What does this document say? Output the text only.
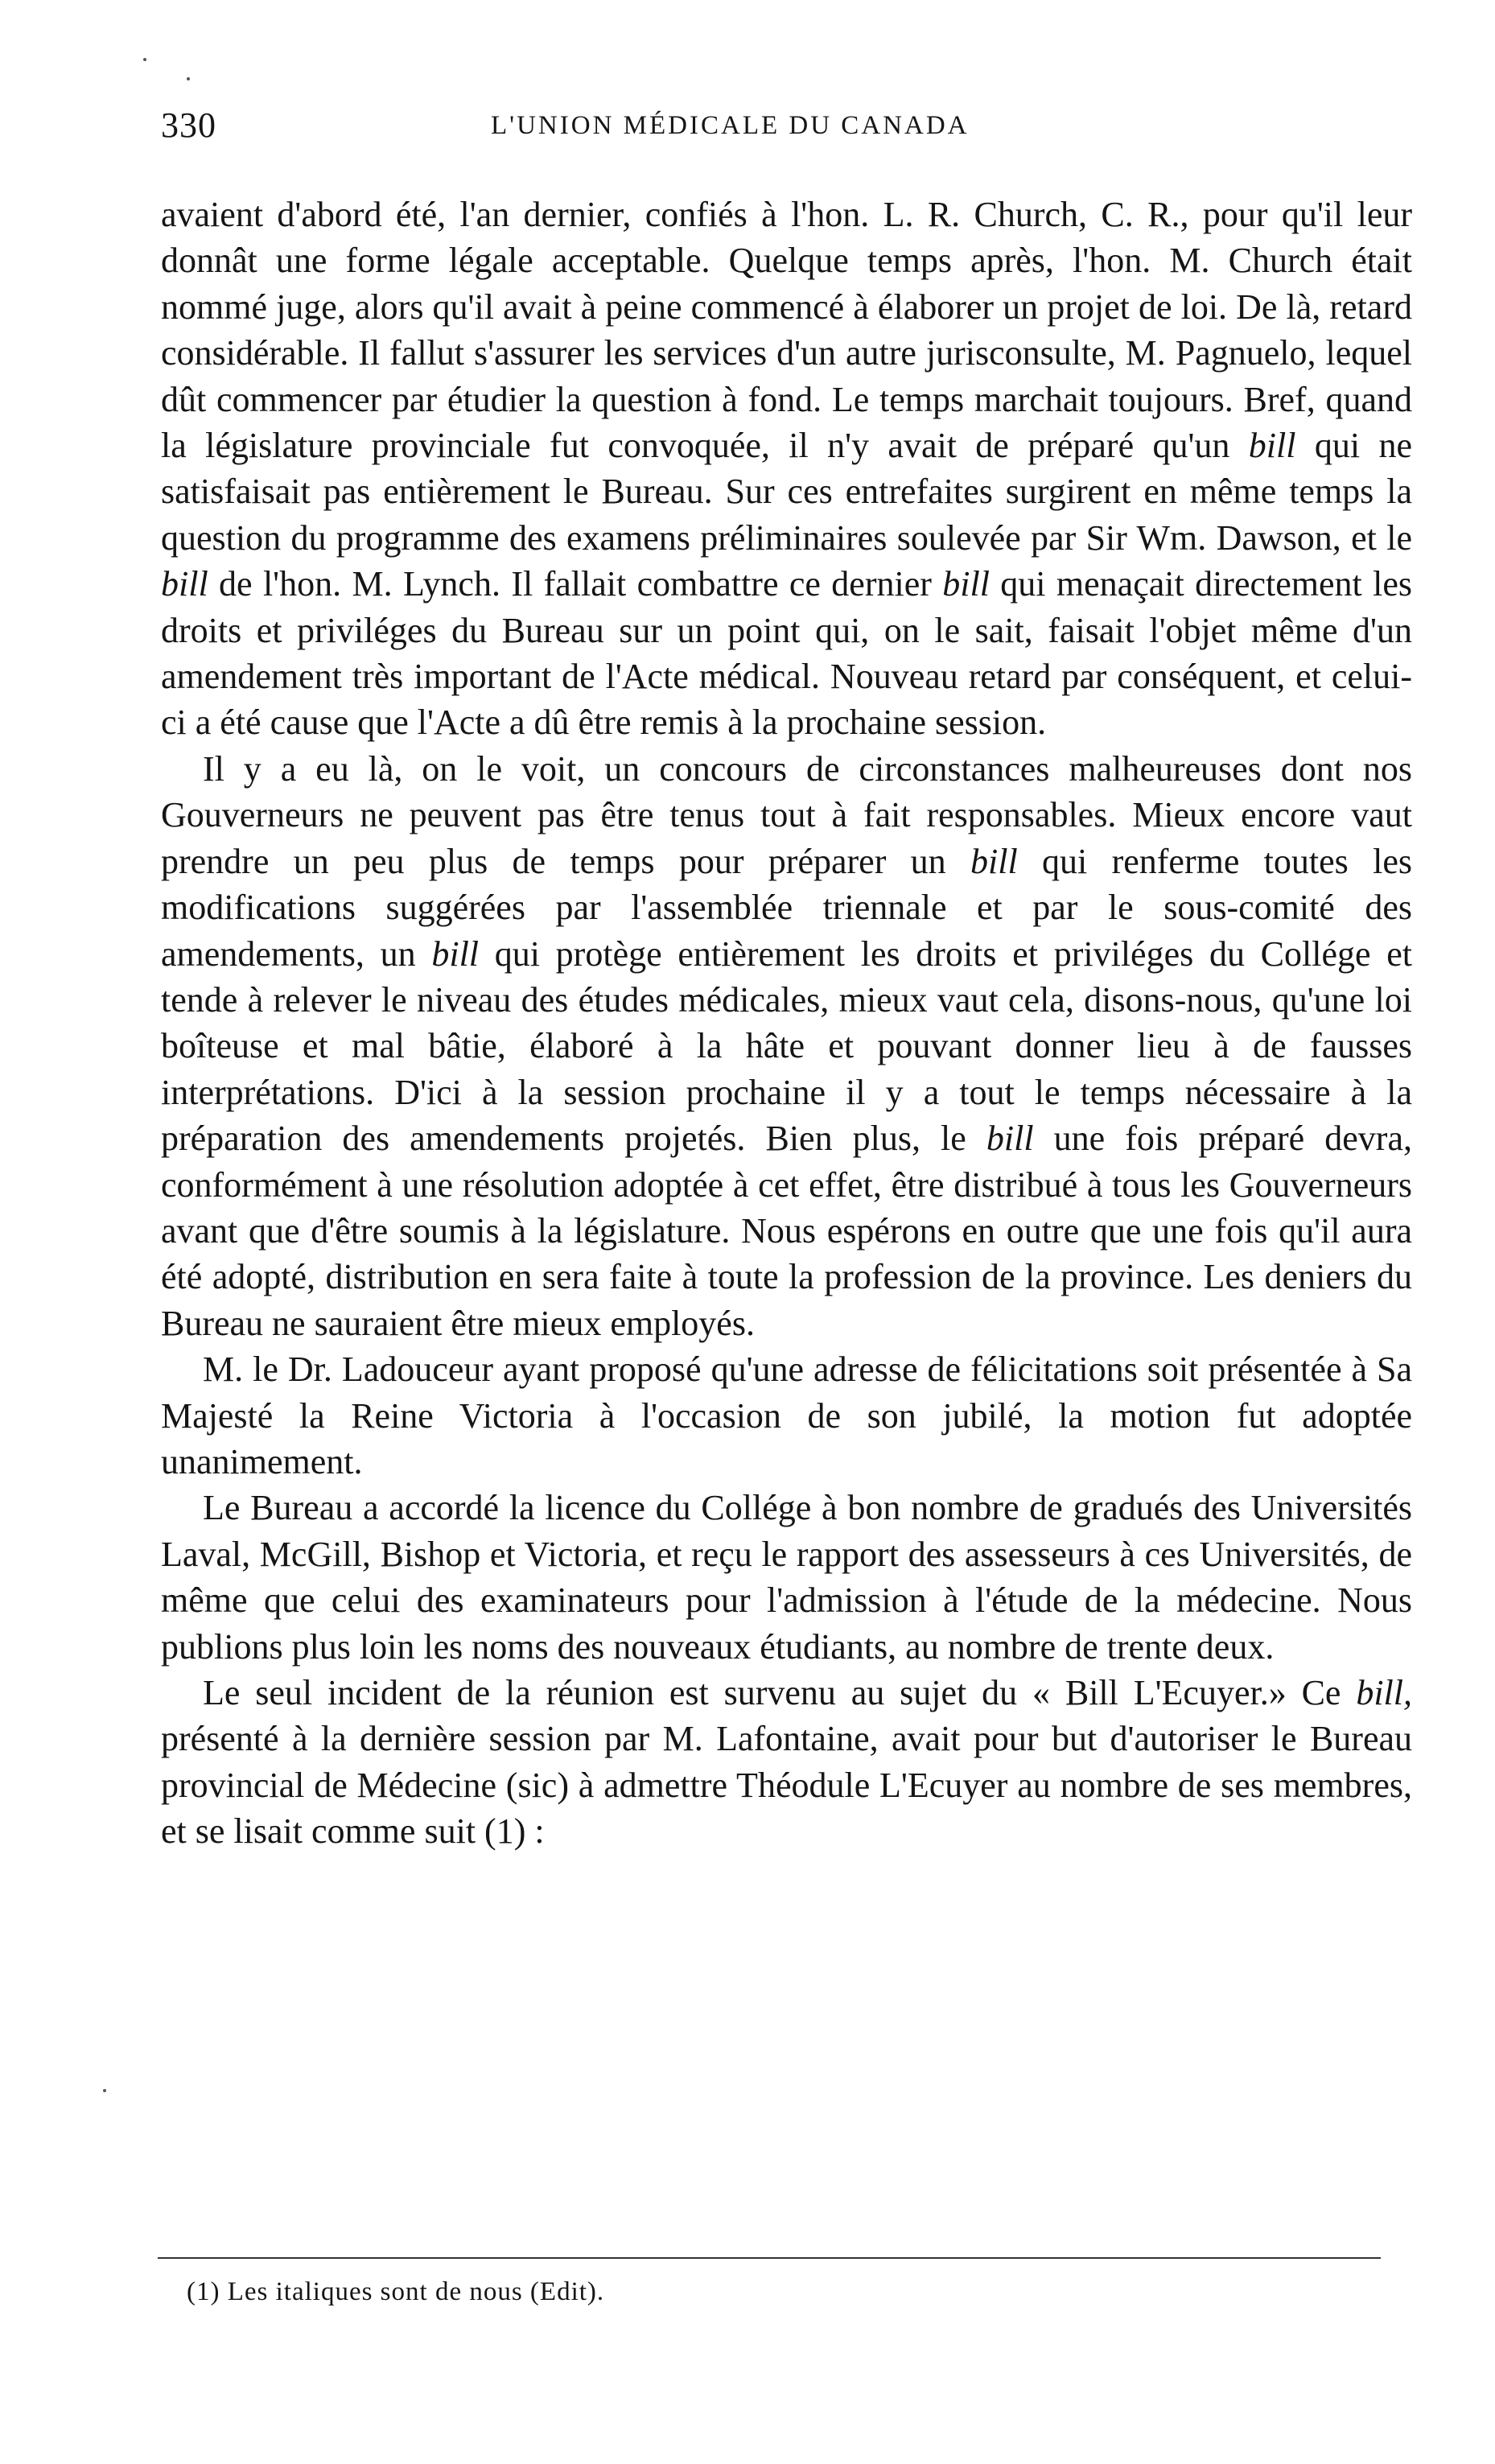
330	L'UNION MÉDICALE DU CANADA

avaient d'abord été, l'an dernier, confiés à l'hon. L. R. Church, C. R., pour qu'il leur donnât une forme légale acceptable. Quelque temps après, l'hon. M. Church était nommé juge, alors qu'il avait à peine commencé à élaborer un projet de loi. De là, retard considérable. Il fallut s'assurer les services d'un autre jurisconsulte, M. Pagnuelo, lequel dût commencer par étudier la question à fond. Le temps marchait toujours. Bref, quand la législature provinciale fut convoquée, il n'y avait de préparé qu'un bill qui ne satisfaisait pas entièrement le Bureau. Sur ces entrefaites surgirent en même temps la question du programme des examens préliminaires soulevée par Sir Wm. Dawson, et le bill de l'hon. M. Lynch. Il fallait combattre ce dernier bill qui menaçait directement les droits et priviléges du Bureau sur un point qui, on le sait, faisait l'objet même d'un amendement très important de l'Acte médical. Nouveau retard par conséquent, et celui-ci a été cause que l'Acte a dû être remis à la prochaine session.

Il y a eu là, on le voit, un concours de circonstances malheureuses dont nos Gouverneurs ne peuvent pas être tenus tout à fait responsables. Mieux encore vaut prendre un peu plus de temps pour préparer un bill qui renferme toutes les modifications suggérées par l'assemblée triennale et par le sous-comité des amendements, un bill qui protège entièrement les droits et priviléges du Collége et tende à relever le niveau des études médicales, mieux vaut cela, disons-nous, qu'une loi boîteuse et mal bâtie, élaboré à la hâte et pouvant donner lieu à de fausses interprétations. D'ici à la session prochaine il y a tout le temps nécessaire à la préparation des amendements projetés. Bien plus, le bill une fois préparé devra, conformément à une résolution adoptée à cet effet, être distribué à tous les Gouverneurs avant que d'être soumis à la législature. Nous espérons en outre que une fois qu'il aura été adopté, distribution en sera faite à toute la profession de la province. Les deniers du Bureau ne sauraient être mieux employés.

M. le Dr. Ladouceur ayant proposé qu'une adresse de félicitations soit présentée à Sa Majesté la Reine Victoria à l'occasion de son jubilé, la motion fut adoptée unanimement.

Le Bureau a accordé la licence du Collége à bon nombre de gradués des Universités Laval, McGill, Bishop et Victoria, et reçu le rapport des assesseurs à ces Universités, de même que celui des examinateurs pour l'admission à l'étude de la médecine. Nous publions plus loin les noms des nouveaux étudiants, au nombre de trente deux.

Le seul incident de la réunion est survenu au sujet du « Bill L'Ecuyer.» Ce bill, présenté à la dernière session par M. Lafontaine, avait pour but d'autoriser le Bureau provincial de Médecine (sic) à admettre Théodule L'Ecuyer au nombre de ses membres, et se lisait comme suit (1) :

(1) Les italiques sont de nous (Edit).
